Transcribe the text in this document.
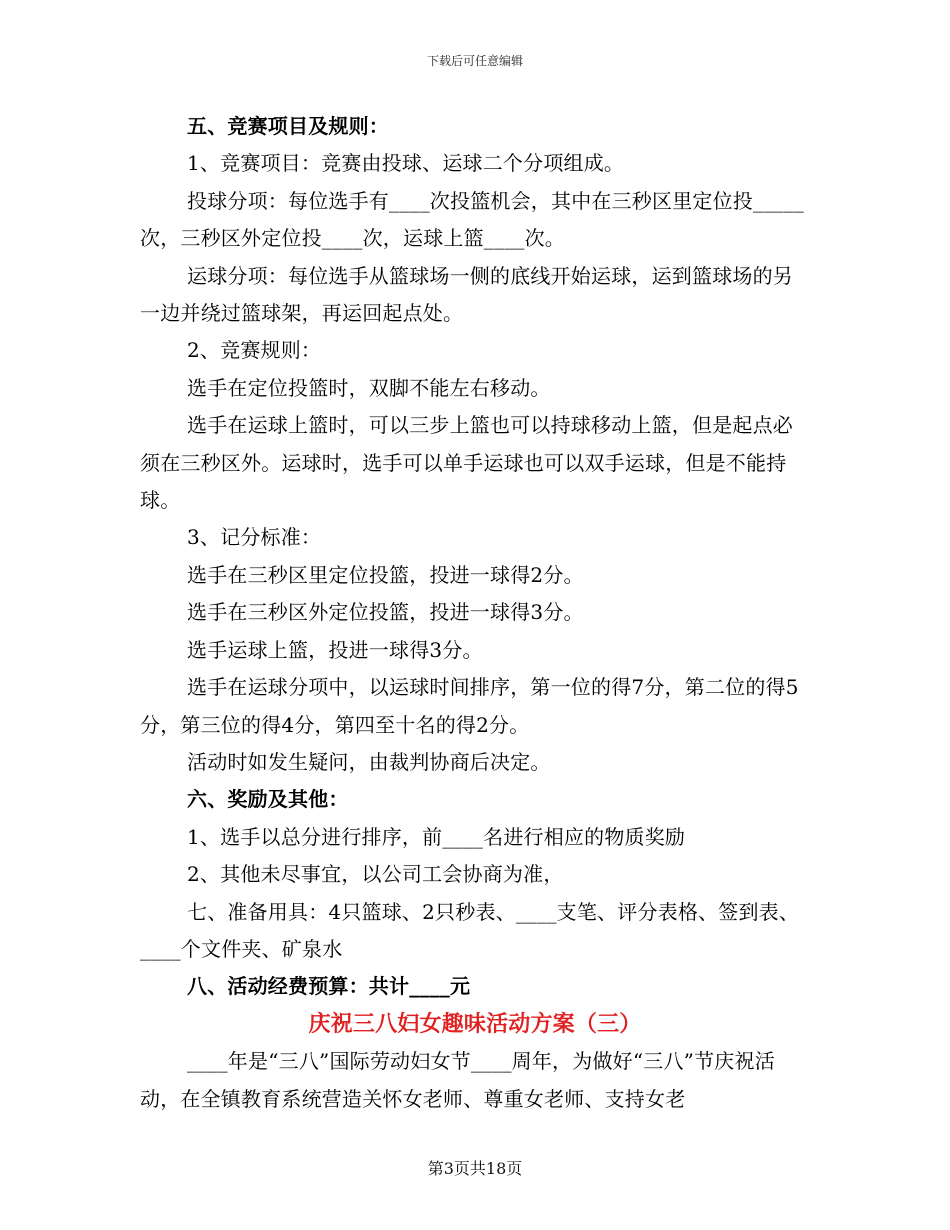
下载后可任意编辑

五、竞赛项目及规则：

1、竞赛项目：竞赛由投球、运球二个分项组成。

投球分项：每位选手有____次投篮机会，其中在三秒区里定位投_____次，三秒区外定位投____次，运球上篮____次。

运球分项：每位选手从篮球场一侧的底线开始运球，运到篮球场的另一边并绕过篮球架，再运回起点处。

2、竞赛规则：

选手在定位投篮时，双脚不能左右移动。

选手在运球上篮时，可以三步上篮也可以持球移动上篮，但是起点必须在三秒区外。运球时，选手可以单手运球也可以双手运球，但是不能持球。

3、记分标准：

选手在三秒区里定位投篮，投进一球得2分。

选手在三秒区外定位投篮，投进一球得3分。

选手运球上篮，投进一球得3分。

选手在运球分项中，以运球时间排序，第一位的得7分，第二位的得5分，第三位的得4分，第四至十名的得2分。

活动时如发生疑问，由裁判协商后决定。

六、奖励及其他：

1、选手以总分进行排序，前____名进行相应的物质奖励

2、其他未尽事宜，以公司工会协商为准，

七、准备用具：4只篮球、2只秒表、____支笔、评分表格、签到表、____个文件夹、矿泉水

八、活动经费预算：共计____元

庆祝三八妇女趣味活动方案（三）

____年是“三八”国际劳动妇女节____周年，为做好“三八”节庆祝活动，在全镇教育系统营造关怀女老师、尊重女老师、支持女老

第3页共18页
